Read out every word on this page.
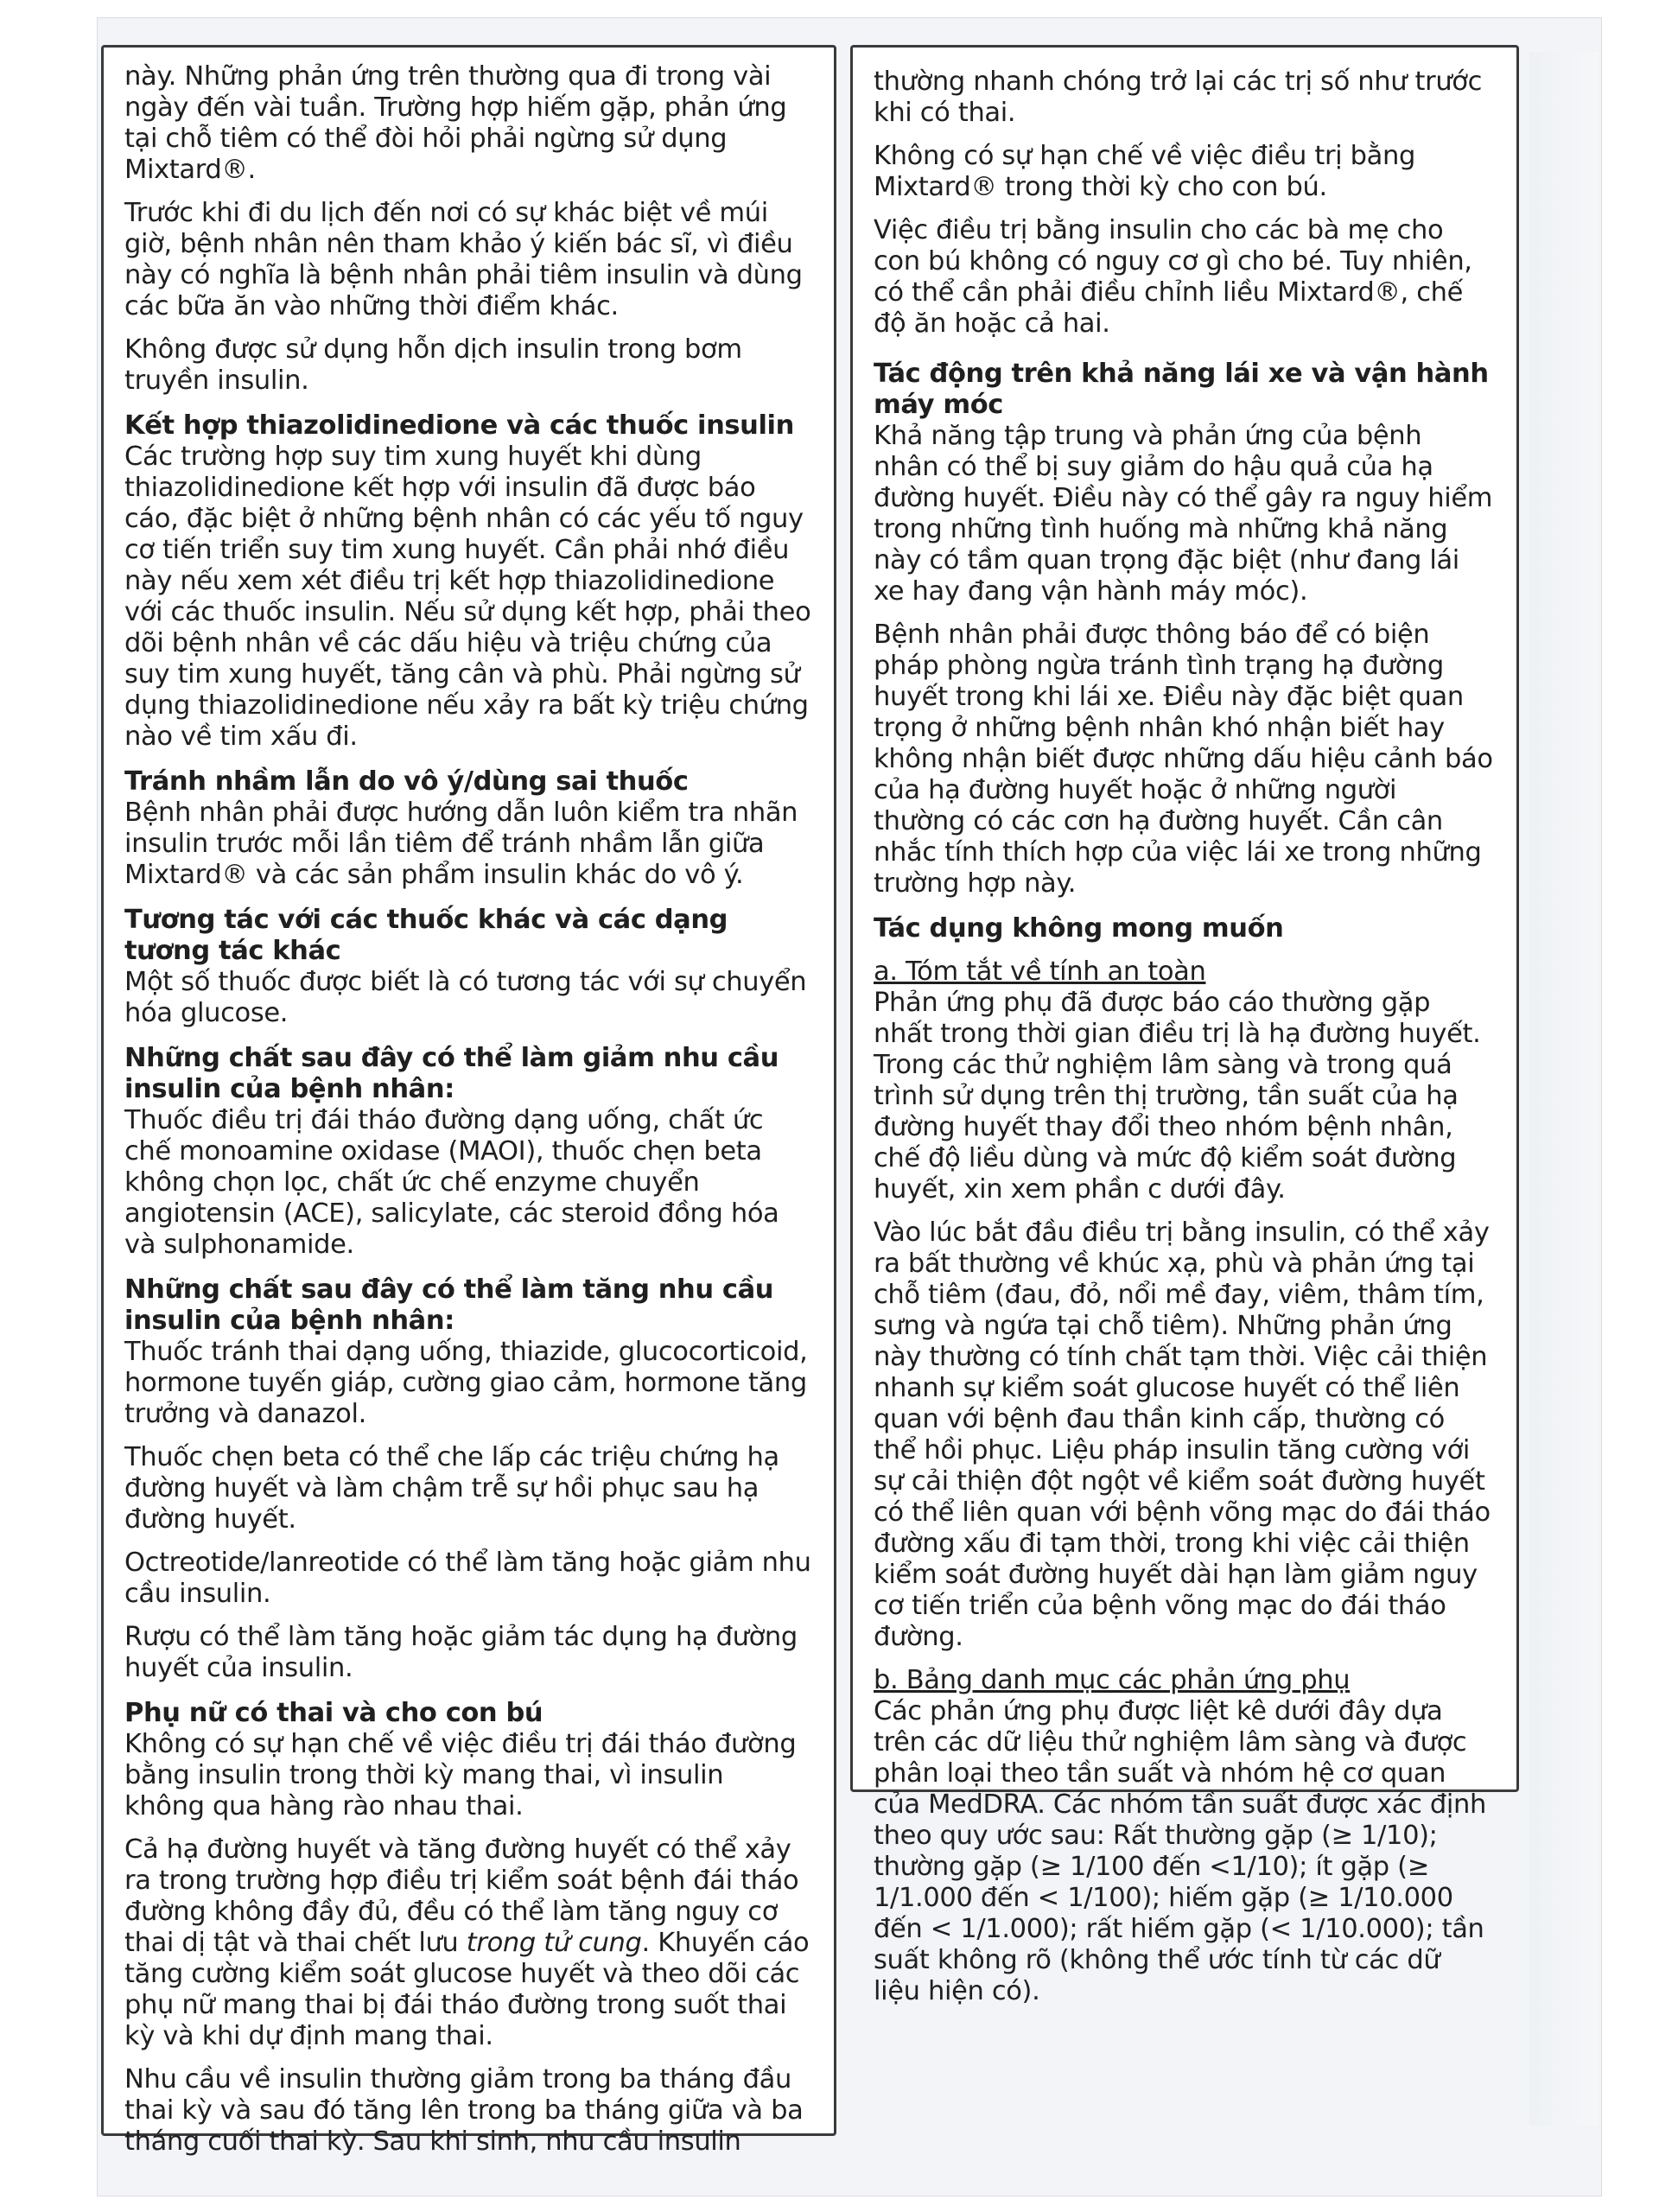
này. Những phản ứng trên thường qua đi trong vài ngày đến vài tuần. Trường hợp hiếm gặp, phản ứng tại chỗ tiêm có thể đòi hỏi phải ngừng sử dụng Mixtard®.

Trước khi đi du lịch đến nơi có sự khác biệt về múi giờ, bệnh nhân nên tham khảo ý kiến bác sĩ, vì điều này có nghĩa là bệnh nhân phải tiêm insulin và dùng các bữa ăn vào những thời điểm khác.

Không được sử dụng hỗn dịch insulin trong bơm truyền insulin.

Kết hợp thiazolidinedione và các thuốc insulin

Các trường hợp suy tim xung huyết khi dùng thiazolidinedione kết hợp với insulin đã được báo cáo, đặc biệt ở những bệnh nhân có các yếu tố nguy cơ tiến triển suy tim xung huyết. Cần phải nhớ điều này nếu xem xét điều trị kết hợp thiazolidinedione với các thuốc insulin. Nếu sử dụng kết hợp, phải theo dõi bệnh nhân về các dấu hiệu và triệu chứng của suy tim xung huyết, tăng cân và phù. Phải ngừng sử dụng thiazolidinedione nếu xảy ra bất kỳ triệu chứng nào về tim xấu đi.

Tránh nhầm lẫn do vô ý/dùng sai thuốc

Bệnh nhân phải được hướng dẫn luôn kiểm tra nhãn insulin trước mỗi lần tiêm để tránh nhầm lẫn giữa Mixtard® và các sản phẩm insulin khác do vô ý.

Tương tác với các thuốc khác và các dạng tương tác khác

Một số thuốc được biết là có tương tác với sự chuyển hóa glucose.

Những chất sau đây có thể làm giảm nhu cầu insulin của bệnh nhân:

Thuốc điều trị đái tháo đường dạng uống, chất ức chế monoamine oxidase (MAOI), thuốc chẹn beta không chọn lọc, chất ức chế enzyme chuyển angiotensin (ACE), salicylate, các steroid đồng hóa và sulphonamide.

Những chất sau đây có thể làm tăng nhu cầu insulin của bệnh nhân:

Thuốc tránh thai dạng uống, thiazide, glucocorticoid, hormone tuyến giáp, cường giao cảm, hormone tăng trưởng và danazol.

Thuốc chẹn beta có thể che lấp các triệu chứng hạ đường huyết và làm chậm trễ sự hồi phục sau hạ đường huyết.

Octreotide/lanreotide có thể làm tăng hoặc giảm nhu cầu insulin.

Rượu có thể làm tăng hoặc giảm tác dụng hạ đường huyết của insulin.

Phụ nữ có thai và cho con bú

Không có sự hạn chế về việc điều trị đái tháo đường bằng insulin trong thời kỳ mang thai, vì insulin không qua hàng rào nhau thai.

Cả hạ đường huyết và tăng đường huyết có thể xảy ra trong trường hợp điều trị kiểm soát bệnh đái tháo đường không đầy đủ, đều có thể làm tăng nguy cơ thai dị tật và thai chết lưu trong tử cung. Khuyến cáo tăng cường kiểm soát glucose huyết và theo dõi các phụ nữ mang thai bị đái tháo đường trong suốt thai kỳ và khi dự định mang thai.

Nhu cầu về insulin thường giảm trong ba tháng đầu thai kỳ và sau đó tăng lên trong ba tháng giữa và ba tháng cuối thai kỳ. Sau khi sinh, nhu cầu insulin

thường nhanh chóng trở lại các trị số như trước khi có thai.

Không có sự hạn chế về việc điều trị bằng Mixtard® trong thời kỳ cho con bú.

Việc điều trị bằng insulin cho các bà mẹ cho con bú không có nguy cơ gì cho bé. Tuy nhiên, có thể cần phải điều chỉnh liều Mixtard®, chế độ ăn hoặc cả hai.

Tác động trên khả năng lái xe và vận hành máy móc

Khả năng tập trung và phản ứng của bệnh nhân có thể bị suy giảm do hậu quả của hạ đường huyết. Điều này có thể gây ra nguy hiểm trong những tình huống mà những khả năng này có tầm quan trọng đặc biệt (như đang lái xe hay đang vận hành máy móc).

Bệnh nhân phải được thông báo để có biện pháp phòng ngừa tránh tình trạng hạ đường huyết trong khi lái xe. Điều này đặc biệt quan trọng ở những bệnh nhân khó nhận biết hay không nhận biết được những dấu hiệu cảnh báo của hạ đường huyết hoặc ở những người thường có các cơn hạ đường huyết. Cần cân nhắc tính thích hợp của việc lái xe trong những trường hợp này.

Tác dụng không mong muốn

a. Tóm tắt về tính an toàn

Phản ứng phụ đã được báo cáo thường gặp nhất trong thời gian điều trị là hạ đường huyết. Trong các thử nghiệm lâm sàng và trong quá trình sử dụng trên thị trường, tần suất của hạ đường huyết thay đổi theo nhóm bệnh nhân, chế độ liều dùng và mức độ kiểm soát đường huyết, xin xem phần c dưới đây.

Vào lúc bắt đầu điều trị bằng insulin, có thể xảy ra bất thường về khúc xạ, phù và phản ứng tại chỗ tiêm (đau, đỏ, nổi mề đay, viêm, thâm tím, sưng và ngứa tại chỗ tiêm). Những phản ứng này thường có tính chất tạm thời. Việc cải thiện nhanh sự kiểm soát glucose huyết có thể liên quan với bệnh đau thần kinh cấp, thường có thể hồi phục. Liệu pháp insulin tăng cường với sự cải thiện đột ngột về kiểm soát đường huyết có thể liên quan với bệnh võng mạc do đái tháo đường xấu đi tạm thời, trong khi việc cải thiện kiểm soát đường huyết dài hạn làm giảm nguy cơ tiến triển của bệnh võng mạc do đái tháo đường.

b. Bảng danh mục các phản ứng phụ

Các phản ứng phụ được liệt kê dưới đây dựa trên các dữ liệu thử nghiệm lâm sàng và được phân loại theo tần suất và nhóm hệ cơ quan của MedDRA. Các nhóm tần suất được xác định theo quy ước sau: Rất thường gặp (≥ 1/10); thường gặp (≥ 1/100 đến <1/10); ít gặp (≥ 1/1.000 đến < 1/100); hiếm gặp (≥ 1/10.000 đến < 1/1.000); rất hiếm gặp (< 1/10.000); tần suất không rõ (không thể ước tính từ các dữ liệu hiện có).
